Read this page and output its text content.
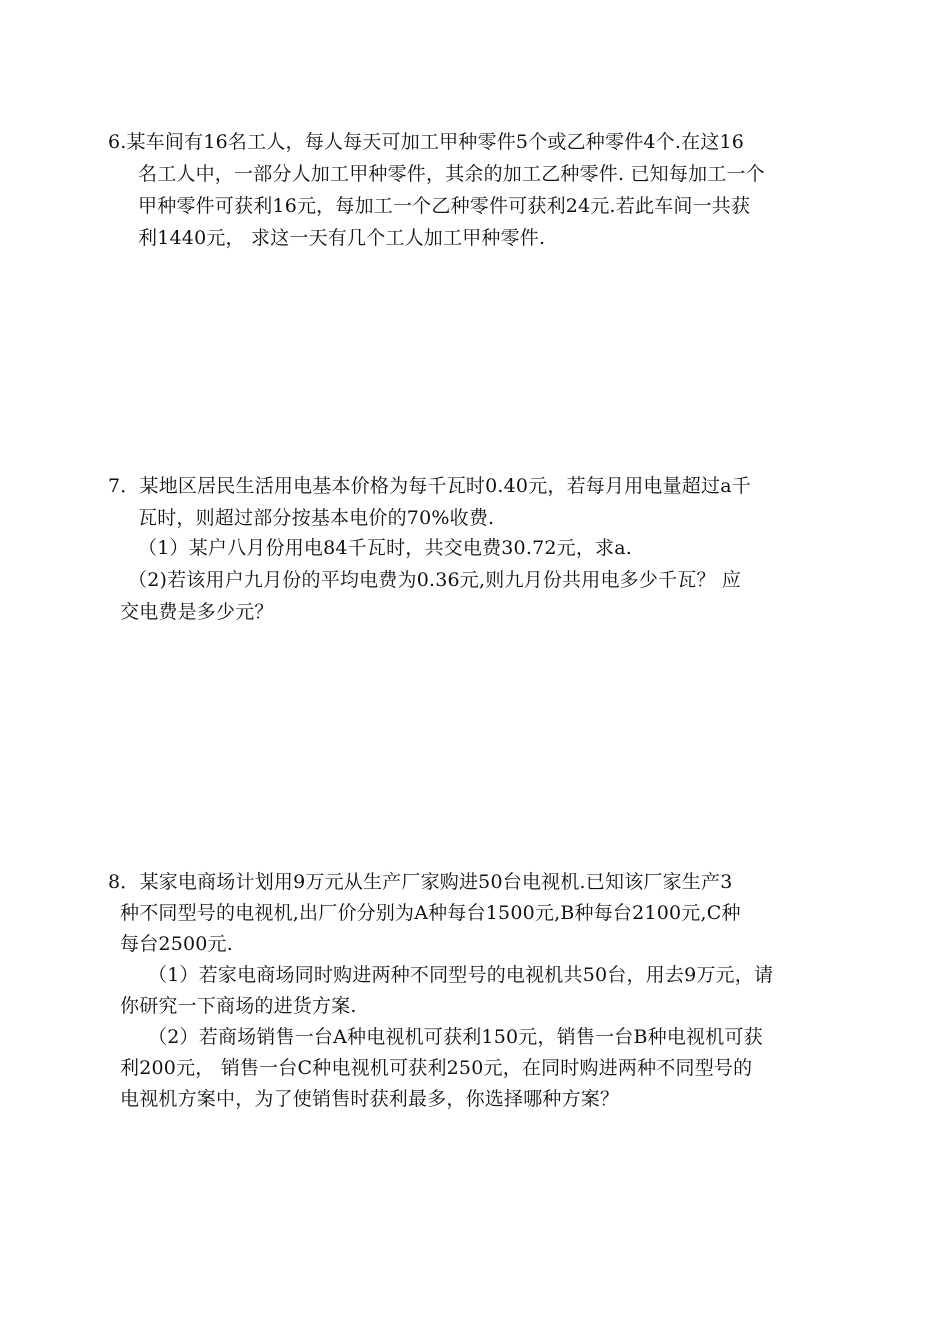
6.某车间有16名工人，每人每天可加工甲种零件5个或乙种零件4个.在这16
名工人中，一部分人加工甲种零件，其余的加工乙种零件. 已知每加工一个
甲种零件可获利16元，每加工一个乙种零件可获利24元.若此车间一共获
利1440元， 求这一天有几个工人加工甲种零件.
7．某地区居民生活用电基本价格为每千瓦时0.40元，若每月用电量超过a千
瓦时，则超过部分按基本电价的70%收费.
（1）某户八月份用电84千瓦时，共交电费30.72元，求a.
（2)若该用户九月份的平均电费为0.36元,则九月份共用电多少千瓦？ 应
交电费是多少元？
8．某家电商场计划用9万元从生产厂家购进50台电视机.已知该厂家生产3
种不同型号的电视机,出厂价分别为A种每台1500元,B种每台2100元,C种
每台2500元.
（1）若家电商场同时购进两种不同型号的电视机共50台，用去9万元，请
你研究一下商场的进货方案.
（2）若商场销售一台A种电视机可获利150元，销售一台B种电视机可获
利200元， 销售一台C种电视机可获利250元，在同时购进两种不同型号的
电视机方案中，为了使销售时获利最多，你选择哪种方案？
